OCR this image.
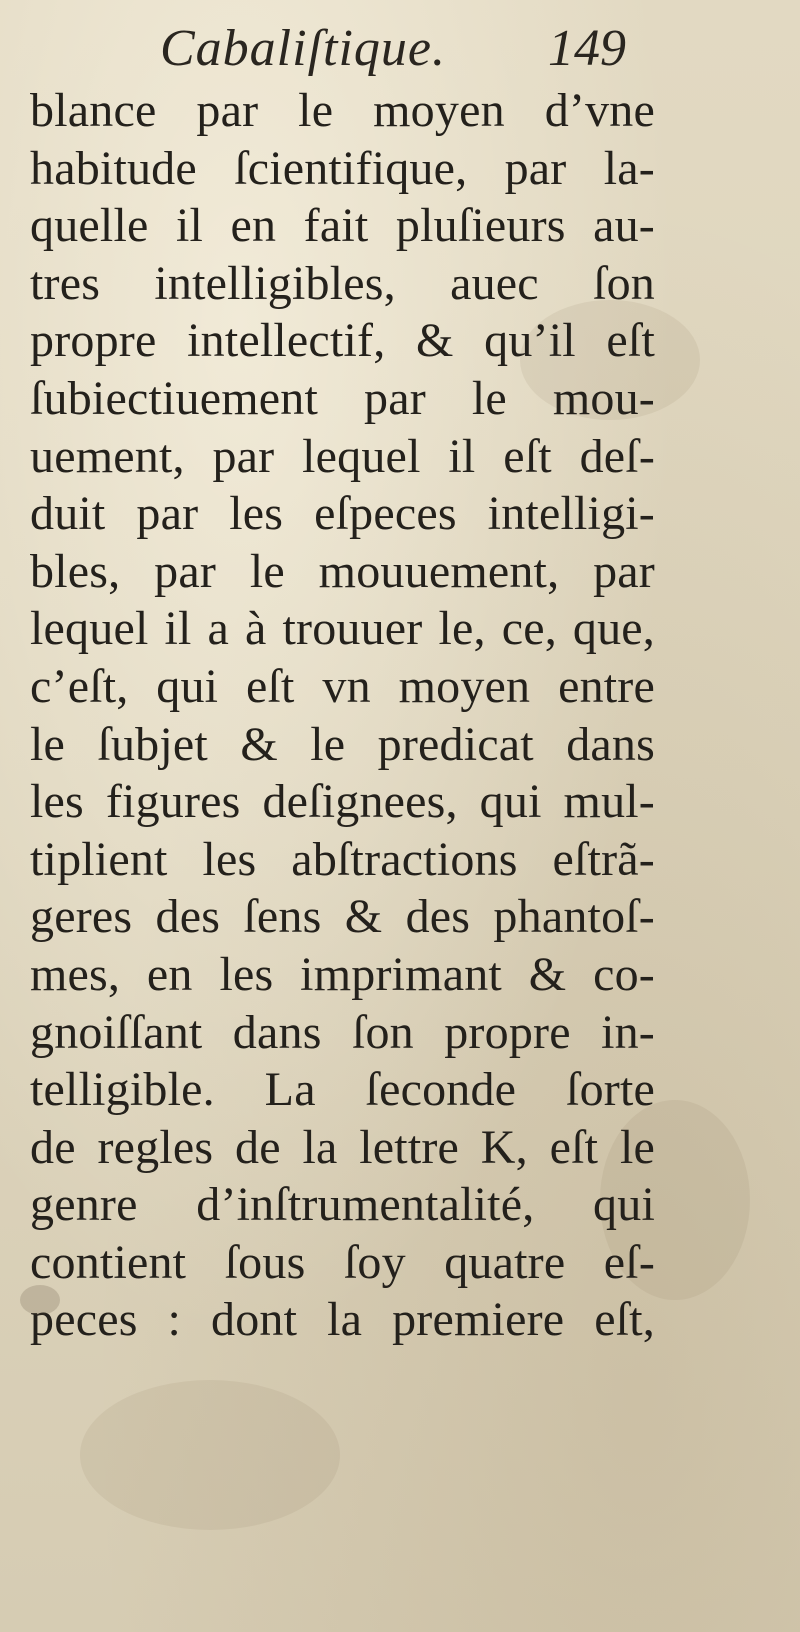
Cabaliſtique. 149
blance par le moyen d’vne
habitude ſcientifique, par la-
quelle il en fait pluſieurs au-
tres intelligibles, auec ſon
propre intellectif, & qu’il eſt
ſubiectiuement par le mou-
uement, par lequel il eſt deſ-
duit par les eſpeces intelligi-
bles, par le mouuement, par
lequel il a à trouuer le, ce, que,
c’eſt, qui eſt vn moyen entre
le ſubjet & le predicat dans
les figures deſignees, qui mul-
tiplient les abſtractions eſtrã-
geres des ſens & des phantoſ-
mes, en les imprimant & co-
gnoiſſant dans ſon propre in-
telligible. La ſeconde ſorte
de regles de la lettre K, eſt le
genre d’inſtrumentalité, qui
contient ſous ſoy quatre eſ-
peces : dont la premiere eſt,
